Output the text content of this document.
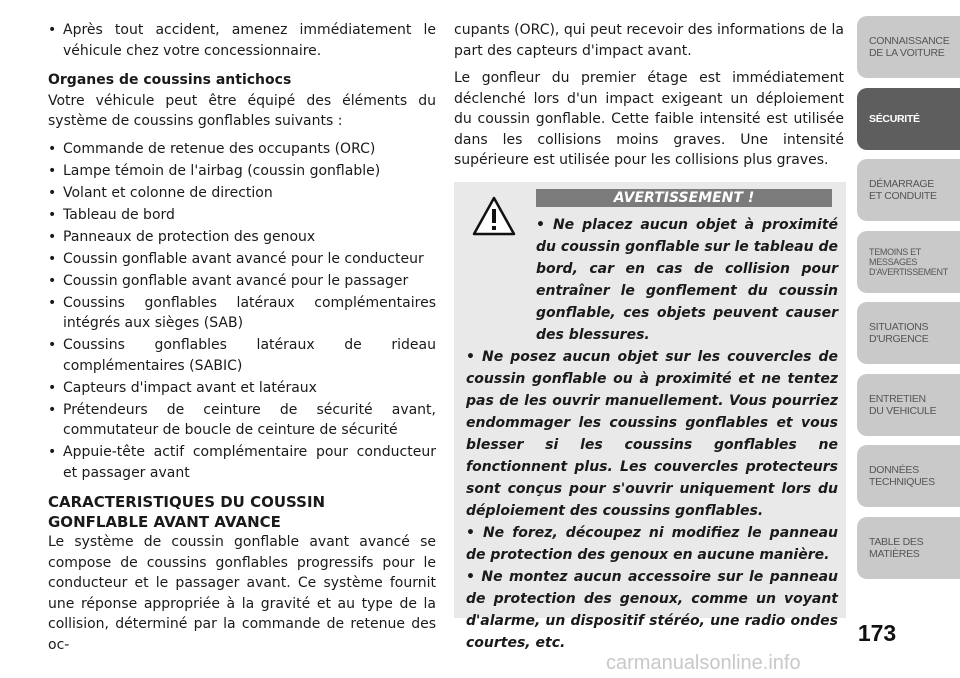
• Après tout accident, amenez immédiatement le véhicule chez votre concessionnaire.

Organes de coussins antichocs

Votre véhicule peut être équipé des éléments du système de coussins gonflables suivants :

• Commande de retenue des occupants (ORC)

• Lampe témoin de l'airbag (coussin gonflable)

• Volant et colonne de direction

• Tableau de bord

• Panneaux de protection des genoux

• Coussin gonflable avant avancé pour le conducteur

• Coussin gonflable avant avancé pour le passager

• Coussins gonflables latéraux complémentaires intégrés aux sièges (SAB)

• Coussins gonflables latéraux de rideau complémentaires (SABIC)

• Capteurs d'impact avant et latéraux

• Prétendeurs de ceinture de sécurité avant, commutateur de boucle de ceinture de sécurité

• Appuie-tête actif complémentaire pour conducteur et passager avant

CARACTERISTIQUES DU COUSSIN

GONFLABLE AVANT AVANCE

Le système de coussin gonflable avant avancé se compose de coussins gonflables progressifs pour le conducteur et le passager avant. Ce système fournit une réponse appropriée à la gravité et au type de la collision, déterminé par la commande de retenue des oc-

cupants (ORC), qui peut recevoir des informations de la part des capteurs d'impact avant.

Le gonfleur du premier étage est immédiatement déclenché lors d'un impact exigeant un déploiement du coussin gonflable. Cette faible intensité est utilisée dans les collisions moins graves. Une intensité supérieure est utilisée pour les collisions plus graves.

AVERTISSEMENT !

• Ne placez aucun objet à proximité du coussin gonflable sur le tableau de bord, car en cas de collision pour entraîner le gonflement du coussin gonflable, ces objets peuvent causer des blessures.

• Ne posez aucun objet sur les couvercles de coussin gonflable ou à proximité et ne tentez pas de les ouvrir manuellement. Vous pourriez endommager les coussins gonflables et vous blesser si les coussins gonflables ne fonctionnent plus. Les couvercles protecteurs sont conçus pour s'ouvrir uniquement lors du déploiement des coussins gonflables.

• Ne forez, découpez ni modifiez le panneau de protection des genoux en aucune manière.

• Ne montez aucun accessoire sur le panneau de protection des genoux, comme un voyant d'alarme, un dispositif stéréo, une radio ondes courtes, etc.

CONNAISSANCE
DE LA VOITURE
SÉCURITÉ
DÉMARRAGE
ET CONDUITE
TEMOINS ET
MESSAGES
D'AVERTISSEMENT
SITUATIONS
D'URGENCE
ENTRETIEN
DU VEHICULE
DONNÉES
TECHNIQUES
TABLE DES
MATIÈRES
173
carmanualsonline.info
